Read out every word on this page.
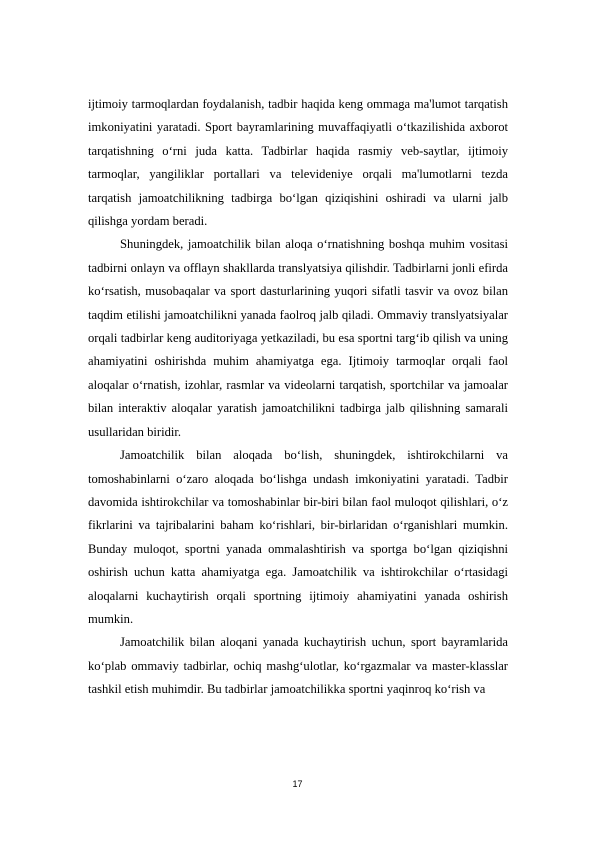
ijtimoiy tarmoqlardan foydalanish, tadbir haqida keng ommaga ma'lumot tarqatish imkoniyatini yaratadi. Sport bayramlarining muvaffaqiyatli o‘tkazilishida axborot tarqatishning o‘rni juda katta. Tadbirlar haqida rasmiy veb-saytlar, ijtimoiy tarmoqlar, yangiliklar portallari va televideniye orqali ma'lumotlarni tezda tarqatish jamoatchilikning tadbirga bo‘lgan qiziqishini oshiradi va ularni jalb qilishga yordam beradi.

Shuningdek, jamoatchilik bilan aloqa o‘rnatishning boshqa muhim vositasi tadbirni onlayn va offlayn shakllarda translyatsiya qilishdir. Tadbirlarni jonli efirda ko‘rsatish, musobaqalar va sport dasturlarining yuqori sifatli tasvir va ovoz bilan taqdim etilishi jamoatchilikni yanada faolroq jalb qiladi. Ommaviy translyatsiyalar orqali tadbirlar keng auditoriyaga yetkaziladi, bu esa sportni targ‘ib qilish va uning ahamiyatini oshirishda muhim ahamiyatga ega. Ijtimoiy tarmoqlar orqali faol aloqalar o‘rnatish, izohlar, rasmlar va videolarni tarqatish, sportchilar va jamoalar bilan interaktiv aloqalar yaratish jamoatchilikni tadbirga jalb qilishning samarali usullaridan biridir.

Jamoatchilik bilan aloqada bo‘lish, shuningdek, ishtirokchilarni va tomoshabinlarni o‘zaro aloqada bo‘lishga undash imkoniyatini yaratadi. Tadbir davomida ishtirokchilar va tomoshabinlar bir-biri bilan faol muloqot qilishlari, o‘z fikrlarini va tajribalarini baham ko‘rishlari, bir-birlaridan o‘rganishlari mumkin. Bunday muloqot, sportni yanada ommalashtirish va sportga bo‘lgan qiziqishni oshirish uchun katta ahamiyatga ega. Jamoatchilik va ishtirokchilar o‘rtasidagi aloqalarni kuchaytirish orqali sportning ijtimoiy ahamiyatini yanada oshirish mumkin.

Jamoatchilik bilan aloqani yanada kuchaytirish uchun, sport bayramlarida ko‘plab ommaviy tadbirlar, ochiq mashg‘ulotlar, ko‘rgazmalar va master-klasslar tashkil etish muhimdir. Bu tadbirlar jamoatchilikka sportni yaqinroq ko‘rish va

17
